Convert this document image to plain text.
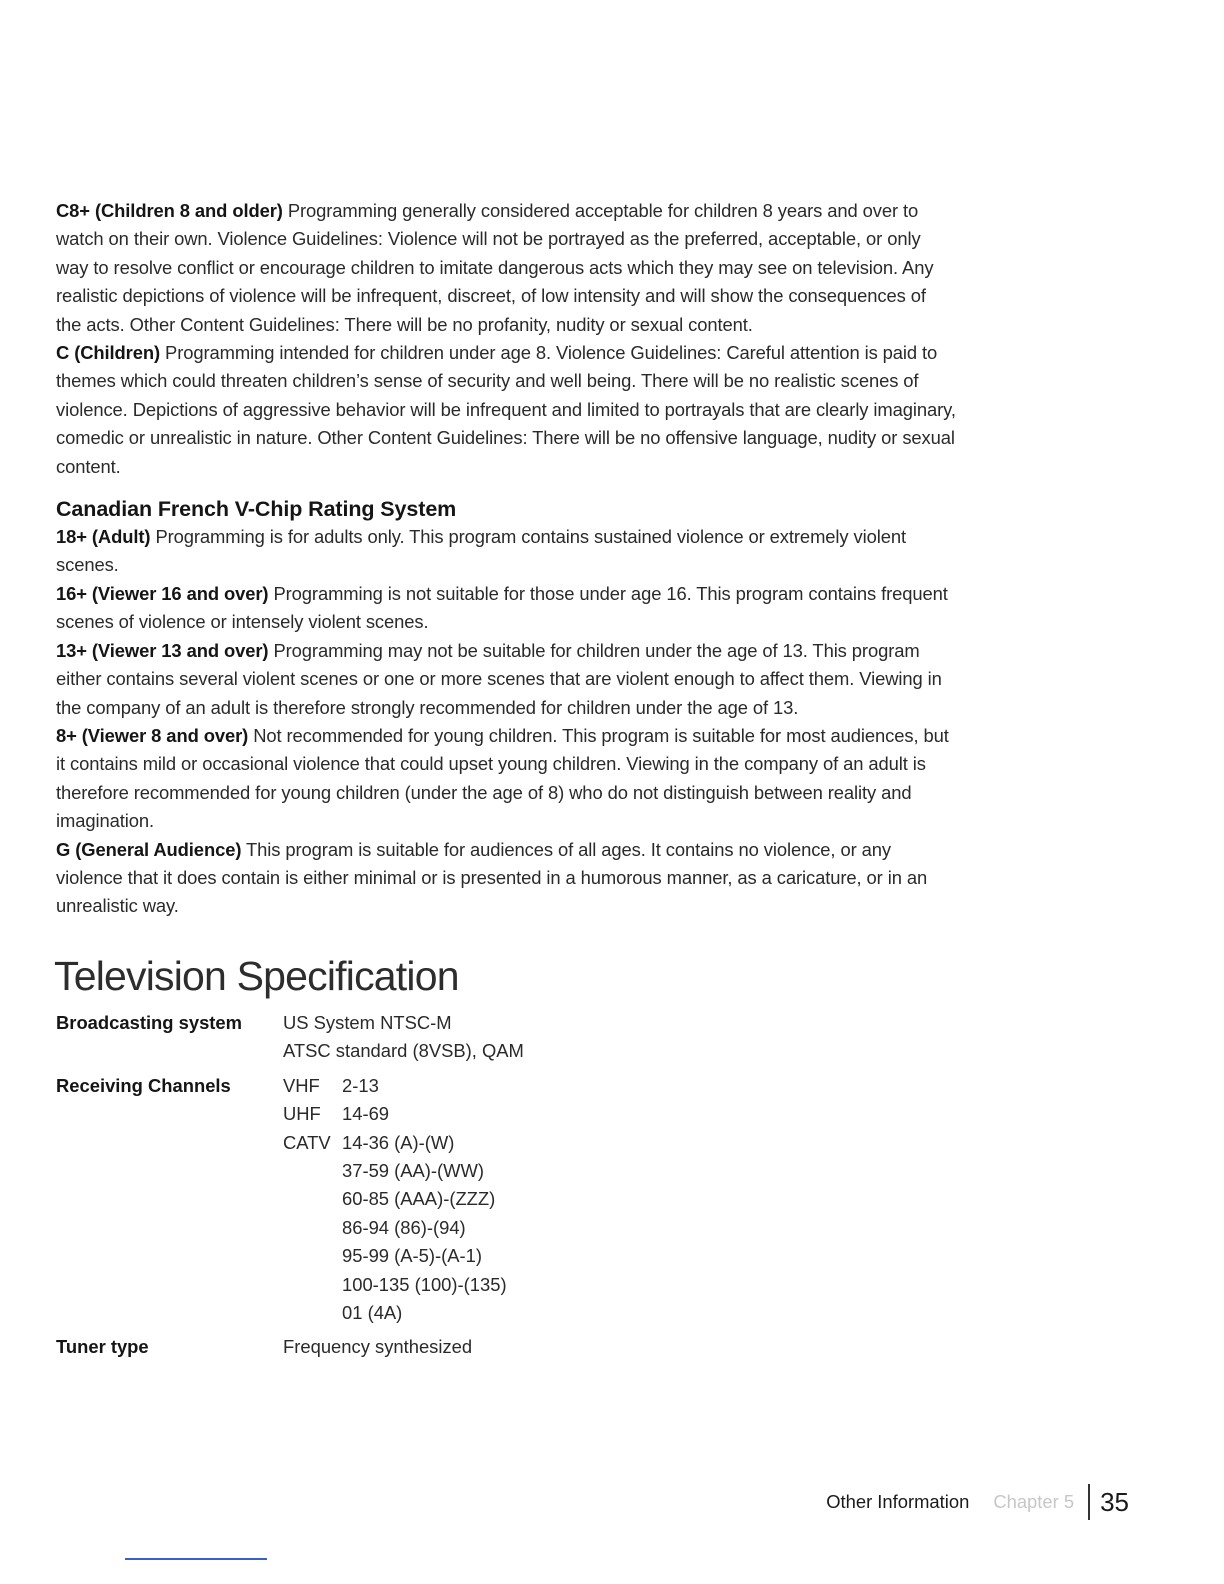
C8+ (Children 8 and older) Programming generally considered acceptable for children 8 years and over to watch on their own. Violence Guidelines: Violence will not be portrayed as the preferred, acceptable, or only way to resolve conflict or encourage children to imitate dangerous acts which they may see on television. Any realistic depictions of violence will be infrequent, discreet, of low intensity and will show the consequences of the acts. Other Content Guidelines: There will be no profanity, nudity or sexual content.

C (Children) Programming intended for children under age 8. Violence Guidelines: Careful attention is paid to themes which could threaten children’s sense of security and well being. There will be no realistic scenes of violence. Depictions of aggressive behavior will be infrequent and limited to portrayals that are clearly imaginary, comedic or unrealistic in nature. Other Content Guidelines: There will be no offensive language, nudity or sexual content.

Canadian French V-Chip Rating System

18+ (Adult) Programming is for adults only. This program contains sustained violence or extremely violent scenes.

16+ (Viewer 16 and over) Programming is not suitable for those under age 16. This program contains frequent scenes of violence or intensely violent scenes.

13+ (Viewer 13 and over) Programming may not be suitable for children under the age of 13. This program either contains several violent scenes or one or more scenes that are violent enough to affect them. Viewing in the company of an adult is therefore strongly recommended for children under the age of 13.

8+ (Viewer 8 and over) Not recommended for young children. This program is suitable for most audiences, but it contains mild or occasional violence that could upset young children. Viewing in the company of an adult is therefore recommended for young children (under the age of 8) who do not distinguish between reality and imagination.

G (General Audience) This program is suitable for audiences of all ages. It contains no violence, or any violence that it does contain is either minimal or is presented in a humorous manner, as a caricature, or in an unrealistic way.

Television Specification
Broadcasting system	US System NTSC-M
ATSC standard (8VSB), QAM
Receiving Channels	VHF	2-13
UHF	14-69
CATV 14-36 (A)-(W)
37-59 (AA)-(WW)
60-85 (AAA)-(ZZZ)
86-94 (86)-(94)
95-99 (A-5)-(A-1)
100-135 (100)-(135)
01 (4A)
Tuner type	Frequency synthesized
Other Information Chapter 5 35
